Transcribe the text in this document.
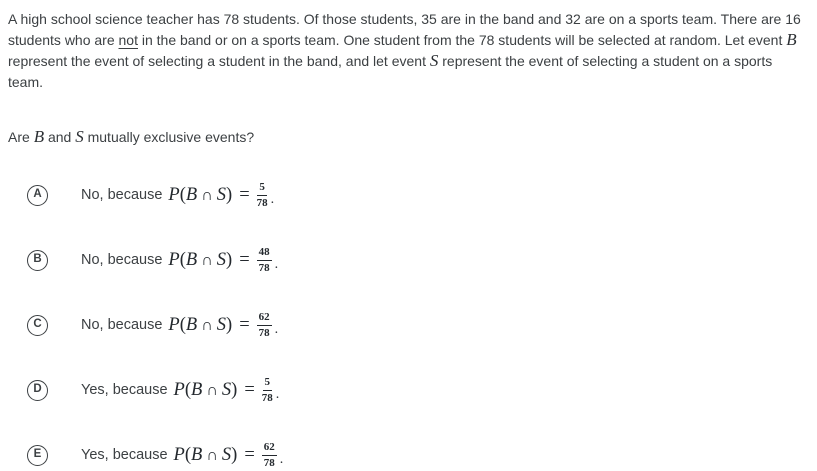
A high school science teacher has 78 students. Of those students, 35 are in the band and 32 are on a sports team. There are 16 students who are not in the band or on a sports team. One student from the 78 students will be selected at random. Let event B represent the event of selecting a student in the band, and let event S represent the event of selecting a student on a sports team.
Are B and S mutually exclusive events?
A	No, because P ( B ∩ S ) = $\frac{5}{78}$ .
B	No, because P ( B ∩ S ) = $\frac{48}{78}$ .
C	No, because P ( B ∩ S ) = $\frac{62}{78}$ .
D	Yes, because P ( B ∩ S ) = $\frac{5}{78}$ .
E	Yes, because P ( B ∩ S ) = $\frac{62}{78}$ .
